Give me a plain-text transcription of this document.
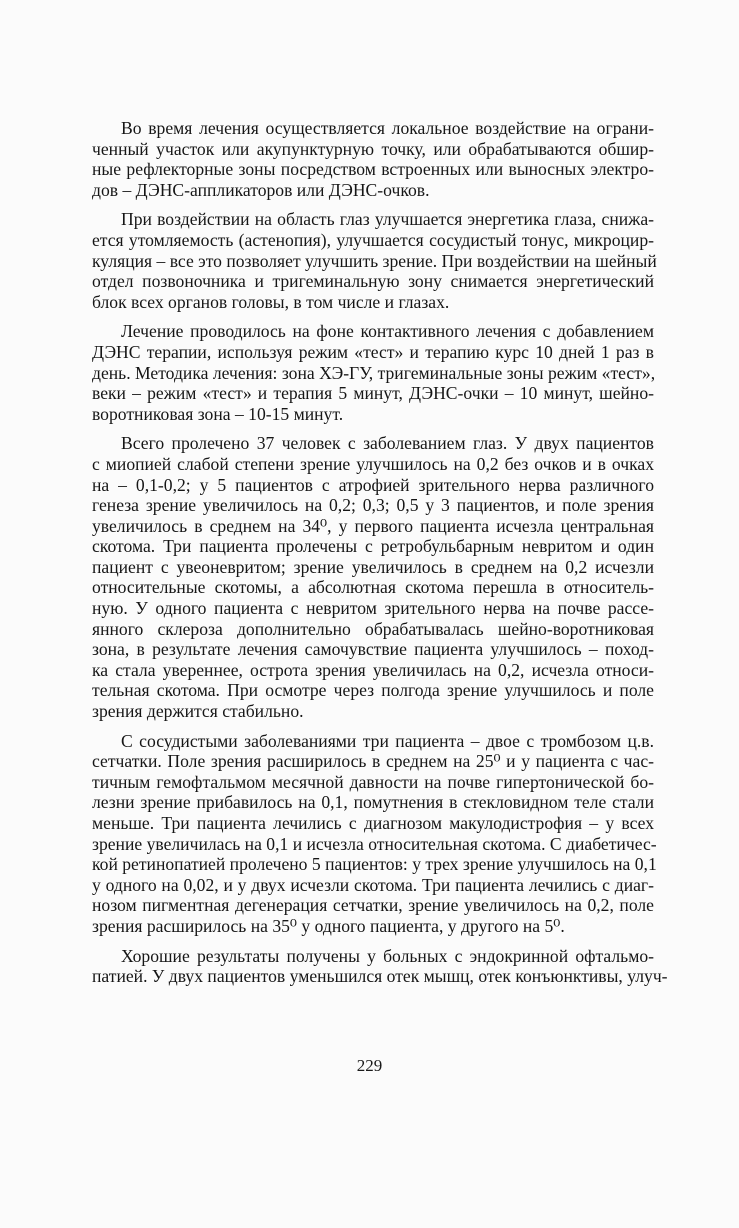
Во время лечения осуществляется локальное воздействие на ограни-
ченный участок или акупунктурную точку, или обрабатываются обшир-
ные рефлекторные зоны посредством встроенных или выносных электро-
дов – ДЭНС-аппликаторов или ДЭНС-очков.
При воздействии на область глаз улучшается энергетика глаза, снижа-
ется утомляемость (астенопия), улучшается сосудистый тонус, микроцир-
куляция – все это позволяет улучшить зрение. При воздействии на шейный
отдел позвоночника и тригеминальную зону снимается энергетический
блок всех органов головы, в том числе и глазах.
Лечение проводилось на фоне контактивного лечения с добавлением
ДЭНС терапии, используя режим «тест» и терапию курс 10 дней 1 раз в
день. Методика лечения: зона ХЭ-ГУ, тригеминальные зоны режим «тест»,
веки – режим «тест» и терапия 5 минут, ДЭНС-очки – 10 минут, шейно-
воротниковая зона – 10-15 минут.
Всего пролечено 37 человек с заболеванием глаз. У двух пациентов
с миопией слабой степени зрение улучшилось на 0,2 без очков и в очках
на – 0,1-0,2; у 5 пациентов с атрофией зрительного нерва различного
генеза зрение увеличилось на 0,2; 0,3; 0,5 у 3 пациентов, и поле зрения
увеличилось в среднем на 34⁰, у первого пациента исчезла центральная
скотома. Три пациента пролечены с ретробульбарным невритом и один
пациент с увеоневритом; зрение увеличилось в среднем на 0,2 исчезли
относительные скотомы, а абсолютная скотома перешла в относитель-
ную. У одного пациента с невритом зрительного нерва на почве рассе-
янного склероза дополнительно обрабатывалась шейно-воротниковая
зона, в результате лечения самочувствие пациента улучшилось – поход-
ка стала увереннее, острота зрения увеличилась на 0,2, исчезла относи-
тельная скотома. При осмотре через полгода зрение улучшилось и поле
зрения держится стабильно.
С сосудистыми заболеваниями три пациента – двое с тромбозом ц.в.
сетчатки. Поле зрения расширилось в среднем на 25⁰ и у пациента с час-
тичным гемофтальмом месячной давности на почве гипертонической бо-
лезни зрение прибавилось на 0,1, помутнения в стекловидном теле стали
меньше. Три пациента лечились с диагнозом макулодистрофия – у всех
зрение увеличилась на 0,1 и исчезла относительная скотома. С диабетичес-
кой ретинопатией пролечено 5 пациентов: у трех зрение улучшилось на 0,1
у одного на 0,02, и у двух исчезли скотома. Три пациента лечились с диаг-
нозом пигментная дегенерация сетчатки, зрение увеличилось на 0,2, поле
зрения расширилось на 35⁰ у одного пациента, у другого на 5⁰.
Хорошие результаты получены у больных с эндокринной офтальмо-
патией. У двух пациентов уменьшился отек мышц, отек конъюнктивы, улуч-
229
